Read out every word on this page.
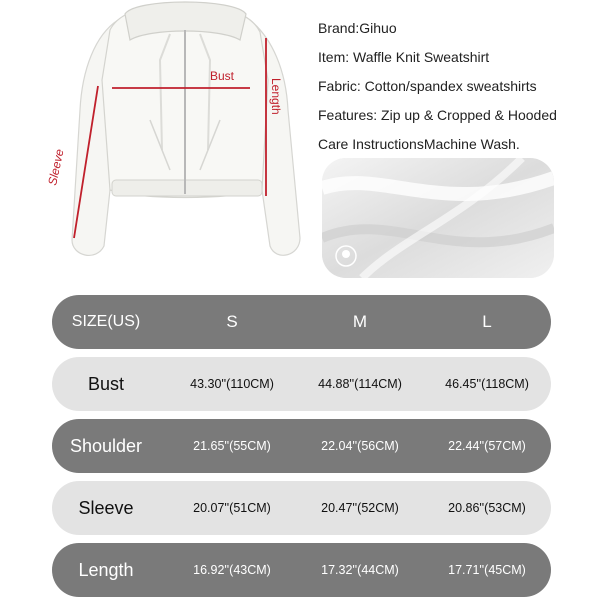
Bust
Length
Sleeve
Brand:Gihuo
Item: Waffle Knit Sweatshirt
Fabric: Cotton/spandex sweatshirts
Features: Zip up & Cropped & Hooded
Care InstructionsMachine Wash.
SIZE(US)	S	M	L
Bust	43.30''(110CM)	44.88''(114CM)	46.45''(118CM)
Shoulder	21.65''(55CM)	22.04''(56CM)	22.44''(57CM)
Sleeve	20.07''(51CM)	20.47''(52CM)	20.86''(53CM)
Length	16.92''(43CM)	17.32''(44CM)	17.71''(45CM)
